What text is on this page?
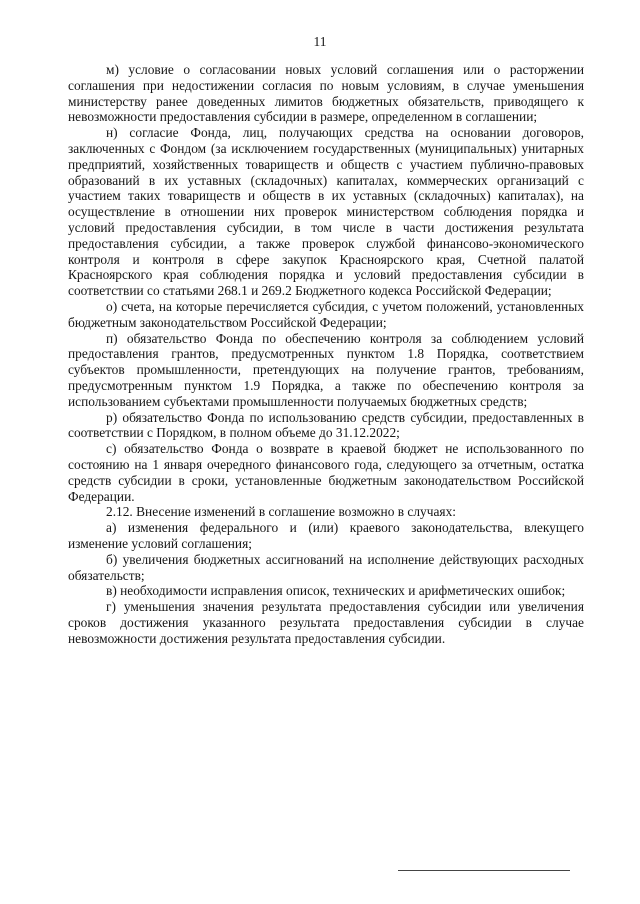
11

м) условие о согласовании новых условий соглашения или о расторжении соглашения при недостижении согласия по новым условиям, в случае уменьшения министерству ранее доведенных лимитов бюджетных обязательств, приводящего к невозможности предоставления субсидии в размере, определенном в соглашении;

н) согласие Фонда, лиц, получающих средства на основании договоров, заключенных с Фондом (за исключением государственных (муниципальных) унитарных предприятий, хозяйственных товариществ и обществ с участием публично-правовых образований в их уставных (складочных) капиталах, коммерческих организаций с участием таких товариществ и обществ в их уставных (складочных) капиталах), на осуществление в отношении них проверок министерством соблюдения порядка и условий предоставления субсидии, в том числе в части достижения результата предоставления субсидии, а также проверок службой финансово-экономического контроля и контроля в сфере закупок Красноярского края, Счетной палатой Красноярского края соблюдения порядка и условий предоставления субсидии в соответствии со статьями 268.1 и 269.2 Бюджетного кодекса Российской Федерации;

о) счета, на которые перечисляется субсидия, с учетом положений, установленных бюджетным законодательством Российской Федерации;

п) обязательство Фонда по обеспечению контроля за соблюдением условий предоставления грантов, предусмотренных пунктом 1.8 Порядка, соответствием субъектов промышленности, претендующих на получение грантов, требованиям, предусмотренным пунктом 1.9 Порядка, а также по обеспечению контроля за использованием субъектами промышленности получаемых бюджетных средств;

р) обязательство Фонда по использованию средств субсидии, предоставленных в соответствии с Порядком, в полном объеме до 31.12.2022;

с) обязательство Фонда о возврате в краевой бюджет не использованного по состоянию на 1 января очередного финансового года, следующего за отчетным, остатка средств субсидии в сроки, установленные бюджетным законодательством Российской Федерации.

2.12. Внесение изменений в соглашение возможно в случаях:

а) изменения федерального и (или) краевого законодательства, влекущего изменение условий соглашения;

б) увеличения бюджетных ассигнований на исполнение действующих расходных обязательств;

в) необходимости исправления описок, технических и арифметических ошибок;

г) уменьшения значения результата предоставления субсидии или увеличения сроков достижения указанного результата предоставления субсидии в случае невозможности достижения результата предоставления субсидии.
